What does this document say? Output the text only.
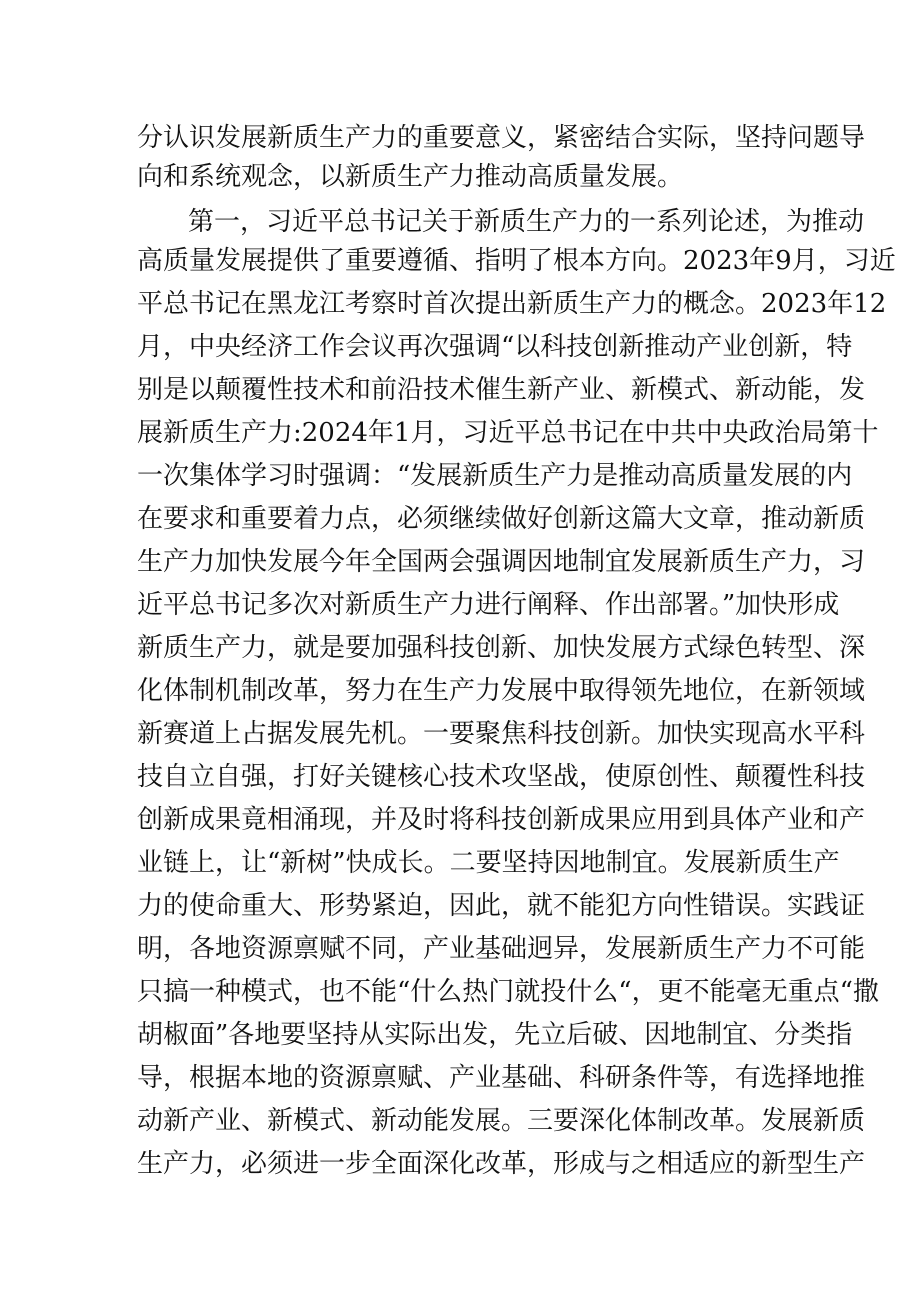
分认识发展新质生产力的重要意义，紧密结合实际，坚持问题导
向和系统观念，以新质生产力推动高质量发展。
第一，习近平总书记关于新质生产力的一系列论述，为推动
高质量发展提供了重要遵循、指明了根本方向。2023年9月，习近
平总书记在黑龙江考察时首次提出新质生产力的概念。2023年12
月，中央经济工作会议再次强调“以科技创新推动产业创新，特
别是以颠覆性技术和前沿技术催生新产业、新模式、新动能，发
展新质生产力:2024年1月，习近平总书记在中共中央政治局第十
一次集体学习时强调：“发展新质生产力是推动高质量发展的内
在要求和重要着力点，必须继续做好创新这篇大文章，推动新质
生产力加快发展今年全国两会强调因地制宜发展新质生产力，习
近平总书记多次对新质生产力进行阐释、作出部署。”加快形成
新质生产力，就是要加强科技创新、加快发展方式绿色转型、深
化体制机制改革，努力在生产力发展中取得领先地位，在新领域
新赛道上占据发展先机。一要聚焦科技创新。加快实现高水平科
技自立自强，打好关键核心技术攻坚战，使原创性、颠覆性科技
创新成果竟相涌现，并及时将科技创新成果应用到具体产业和产
业链上，让“新树”快成长。二要坚持因地制宜。发展新质生产
力的使命重大、形势紧迫，因此，就不能犯方向性错误。实践证
明，各地资源禀赋不同，产业基础迥异，发展新质生产力不可能
只搞一种模式，也不能“什么热门就投什么“，更不能毫无重点“撒
胡椒面”各地要坚持从实际出发，先立后破、因地制宜、分类指
导，根据本地的资源禀赋、产业基础、科研条件等，有选择地推
动新产业、新模式、新动能发展。三要深化体制改革。发展新质
生产力，必须进一步全面深化改革，形成与之相适应的新型生产
